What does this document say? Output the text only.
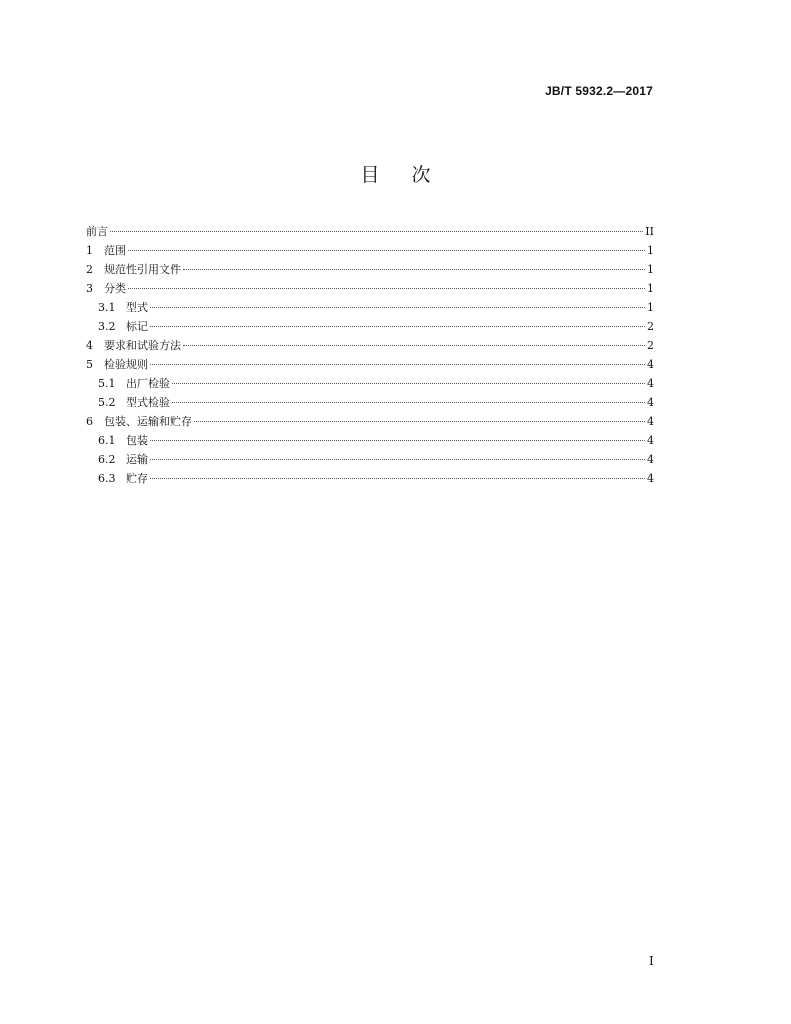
JB/T 5932.2—2017
目次
前言	II
1	范围	1
2	规范性引用文件	1
3	分类	1
3.1 型式	1
3.2 标记	2
4	要求和试验方法	2
5	检验规则	4
5.1 出厂检验	4
5.2 型式检验	4
6	包装、运输和贮存	4
6.1 包装	4
6.2 运输	4
6.3 贮存	4
I
